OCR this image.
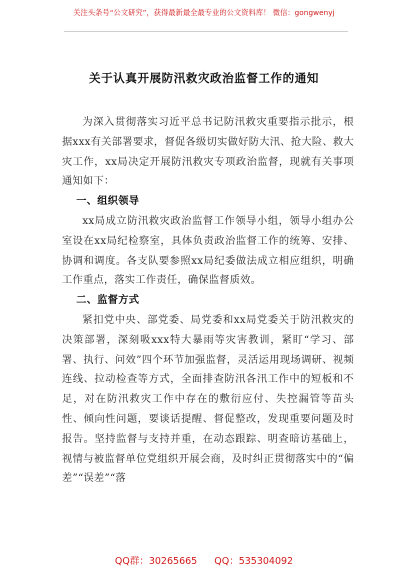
关注头条号“公文研究”，获得最新最全最专业的公文资料库！ 微信：gongwenyj
关于认真开展防汛救灾政治监督工作的通知

为深入贯彻落实习近平总书记防汛救灾重要指示批示，根据xxx有关部署要求，督促各级切实做好防大汛、抢大险、救大灾工作，xx局决定开展防汛救灾专项政治监督，现就有关事项通知如下：

一、组织领导

xx局成立防汛救灾政治监督工作领导小组，领导小组办公室设在xx局纪检察室，具体负责政治监督工作的统筹、安排、协调和调度。各支队要参照xx局纪委做法成立相应组织，明确工作重点，落实工作责任，确保监督质效。

二、监督方式

紧扣党中央、部党委、局党委和xx局党委关于防汛救灾的决策部署，深刻吸xxx特大暴雨等灾害教训，紧盯“学习、部署、执行、问效”四个环节加强监督，灵活运用现场调研、视频连线、拉动检查等方式，全面排查防汛各汛工作中的短板和不足，对在防汛救灾工作中存在的敷衍应付、失控漏管等苗头性、倾向性问题，要谈话提醒、督促整改，发现重要问题及时报告。坚持监督与支持并重，在动态跟踪、明查暗访基础上，视情与被监督单位党组织开展会商，及时纠正贯彻落实中的“偏差”“误差”“落

QQ群：30265665 QQ：535304092
